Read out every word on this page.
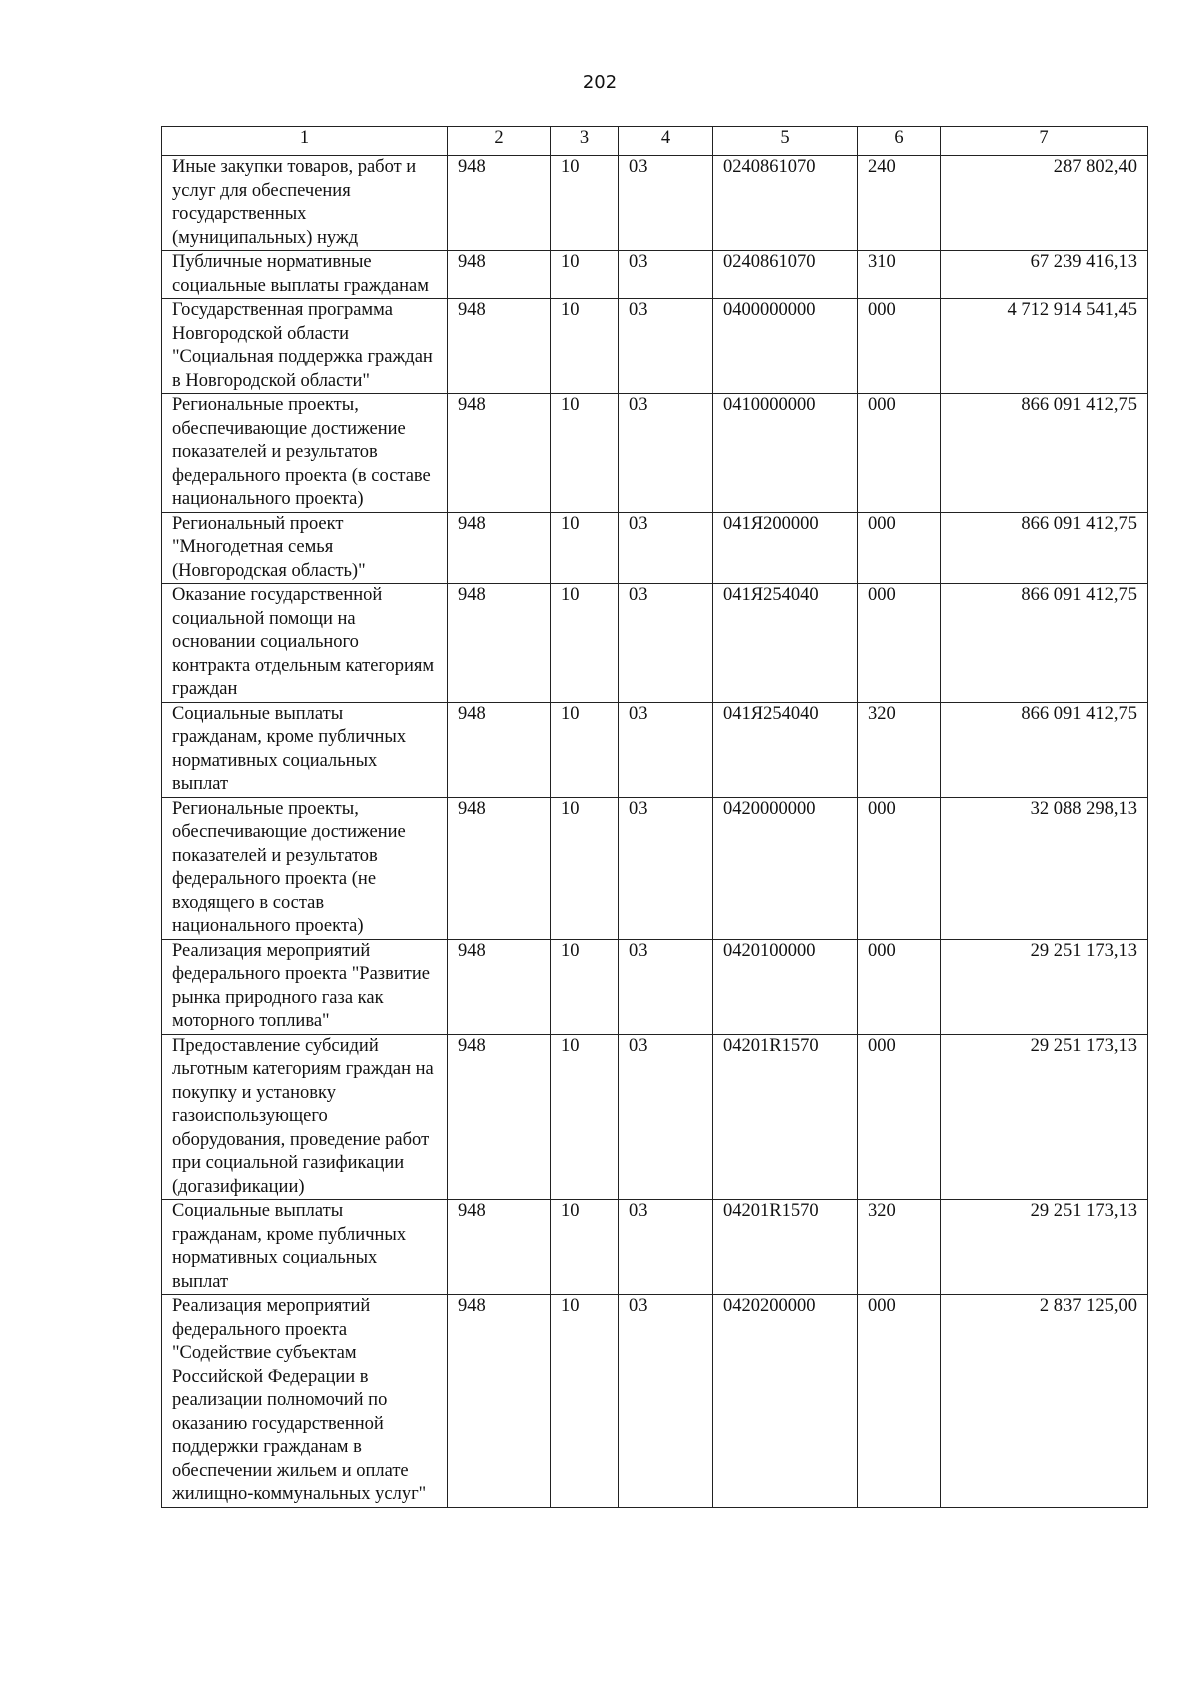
202
1	2	3	4	5	6	7
Иные закупки товаров, работ и услуг для обеспечения государственных (муниципальных) нужд	948	10	03	0240861070	240	287 802,40
Публичные нормативные социальные выплаты гражданам	948	10	03	0240861070	310	67 239 416,13
Государственная программа Новгородской области "Социальная поддержка граждан в Новгородской области"	948	10	03	0400000000	000	4 712 914 541,45
Региональные проекты, обеспечивающие достижение показателей и результатов федерального проекта (в составе национального проекта)	948	10	03	0410000000	000	866 091 412,75
Региональный проект "Многодетная семья (Новгородская область)"	948	10	03	041Я200000	000	866 091 412,75
Оказание государственной социальной помощи на основании социального контракта отдельным категориям граждан	948	10	03	041Я254040	000	866 091 412,75
Социальные выплаты гражданам, кроме публичных нормативных социальных выплат	948	10	03	041Я254040	320	866 091 412,75
Региональные проекты, обеспечивающие достижение показателей и результатов федерального проекта (не входящего в состав национального проекта)	948	10	03	0420000000	000	32 088 298,13
Реализация мероприятий федерального проекта "Развитие рынка природного газа как моторного топлива"	948	10	03	0420100000	000	29 251 173,13
Предоставление субсидий льготным категориям граждан на покупку и установку газоиспользующего оборудования, проведение работ при социальной газификации (догазификации)	948	10	03	04201R1570	000	29 251 173,13
Социальные выплаты гражданам, кроме публичных нормативных социальных выплат	948	10	03	04201R1570	320	29 251 173,13
Реализация мероприятий федерального проекта "Содействие субъектам Российской Федерации в реализации полномочий по оказанию государственной поддержки гражданам в обеспечении жильем и оплате жилищно-коммунальных услуг"	948	10	03	0420200000	000	2 837 125,00
